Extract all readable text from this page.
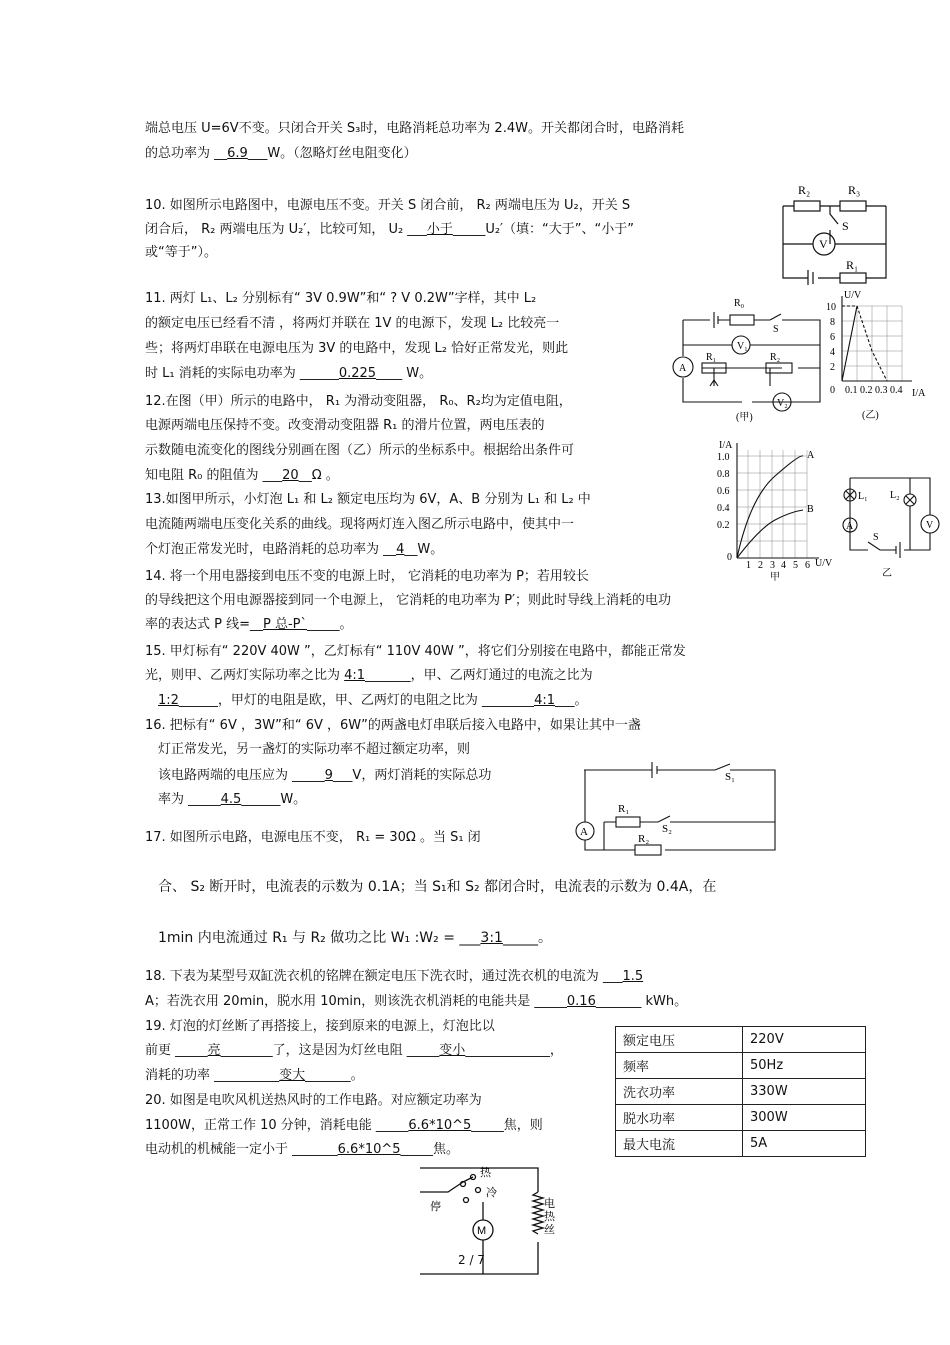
端总电压 U=6V不变。只闭合开关 S₃时，电路消耗总功率为 2.4W。开关都闭合时，电路消耗
的总功率为 __6.9___W。（忽略灯丝电阻变化）
10. 如图所示电路图中，电源电压不变。开关 S 闭合前， R₂ 两端电压为 U₂，开关 S
闭合后， R₂ 两端电压为 U₂′，比较可知， U₂ ___小于_____U₂′（填：“大于”、“小于”
或“等于”）。
11. 两灯 L₁、L₂ 分别标有“ 3V 0.9W”和“ ? V 0.2W”字样，其中 L₂
的额定电压已经看不清 ，将两灯并联在 1V 的电源下，发现 L₂ 比较亮一
些；将两灯串联在电源电压为 3V 的电路中，发现 L₂ 恰好正常发光，则此
时 L₁ 消耗的实际电功率为 ______0.225____ W。
12.在图（甲）所示的电路中， R₁ 为滑动变阻器， R₀、R₂均为定值电阻，
电源两端电压保持不变。改变滑动变阻器 R₁ 的滑片位置，两电压表的
示数随电流变化的图线分别画在图（乙）所示的坐标系中。根据给出条件可
知电阻 R₀ 的阻值为 ___20__Ω 。
13.如图甲所示，小灯泡 L₁ 和 L₂ 额定电压均为 6V，A、B 分别为 L₁ 和 L₂ 中
电流随两端电压变化关系的曲线。现将两灯连入图乙所示电路中，使其中一
个灯泡正常发光时，电路消耗的总功率为 __4__W。
14. 将一个用电器接到电压不变的电源上时， 它消耗的电功率为 P；若用较长
的导线把这个用电源器接到同一个电源上， 它消耗的电功率为 P′；则此时导线上消耗的电功
率的表达式 P 线=__P 总-P`_____。
15. 甲灯标有“ 220V 40W ”，乙灯标有“ 110V 40W ”，将它们分别接在电路中，都能正常发
光，则甲、乙两灯实际功率之比为 4:1_______，甲、乙两灯通过的电流之比为
1:2______，甲灯的电阻是欧，甲、乙两灯的电阻之比为 ________4:1___。
16. 把标有“ 6V ，3W”和“ 6V ，6W”的两盏电灯串联后接入电路中，如果让其中一盏
灯正常发光，另一盏灯的实际功率不超过额定功率，则
该电路两端的电压应为 _____9___V，两灯消耗的实际总功
率为 _____4.5______W。
17. 如图所示电路，电源电压不变， R₁ = 30Ω 。当 S₁ 闭
合、 S₂ 断开时，电流表的示数为 0.1A；当 S₁和 S₂ 都闭合时，电流表的示数为 0.4A，在
1min 内电流通过 R₁ 与 R₂ 做功之比 W₁ :W₂ = ___3:1_____。
18. 下表为某型号双缸洗衣机的铭牌在额定电压下洗衣时，通过洗衣机的电流为 ___1.5
A；若洗衣用 20min，脱水用 10min，则该洗衣机消耗的电能共是 _____0.16_______ kWh。
19. 灯泡的灯丝断了再搭接上，接到原来的电源上，灯泡比以
前更 _____亮________了，这是因为灯丝电阻 _____变小_____________，
消耗的功率 __________变大_______。
20. 如图是电吹风机送热风时的工作电路。对应额定功率为
1100W，正常工作 10 分钟，消耗电能 _____6.6*10^5_____焦，则
电动机的机械能一定小于 _______6.6*10^5_____焦。
额定电压	220V
频率	50Hz
洗衣功率	330W
脱水功率	300W
最大电流	5A
R₂	R₃
S
V
R₁
R₀
S
V₁
A
R₁	R₂
V₂
(甲)
U/V
I/A
10
8
6
4
2
0 0.1 0.2 0.3 0.4
(乙)
I/A
U/V
1.0
0.8
0.6
0.4
0.2
0
1 2 3 4 5 6
A
B
甲
L₁ L₂
A	V
S
乙
S₁
A
R₁
S₂
R₂
热
冷
停
M
电
热
丝
2 / 7
